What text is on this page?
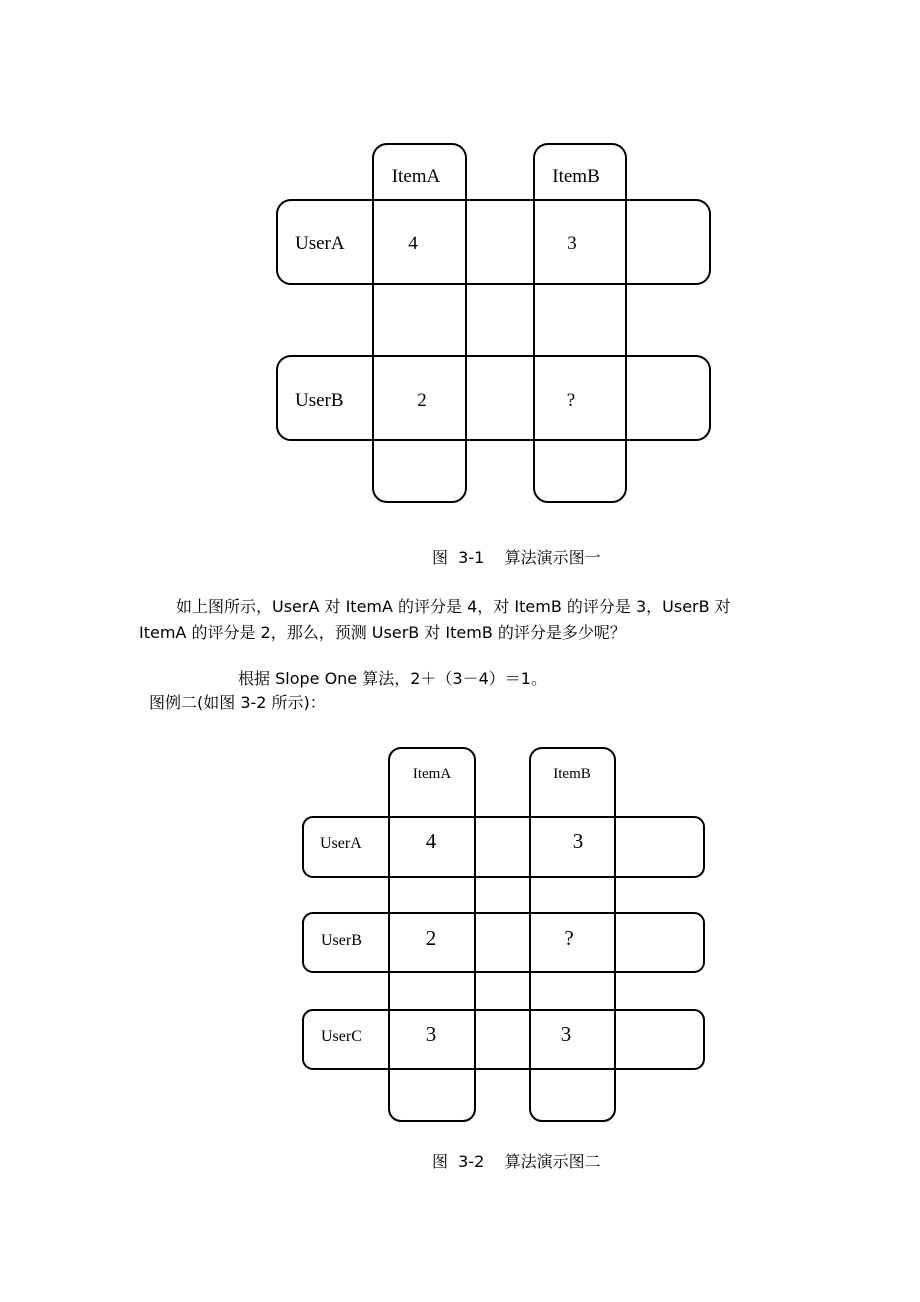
ItemA	ItemB
UserA	4	3
UserB	2	?
图  3-1    算法演示图一
如上图所示，UserA 对 ItemA 的评分是 4，对 ItemB 的评分是 3，UserB 对
ItemA 的评分是 2，那么，预测 UserB 对 ItemB 的评分是多少呢？
根据 Slope One 算法，2＋（3－4）＝1。
图例二(如图 3-2 所示)：
ItemA	ItemB
UserA	4	3
UserB	2	?
UserC	3	3
图  3-2    算法演示图二
